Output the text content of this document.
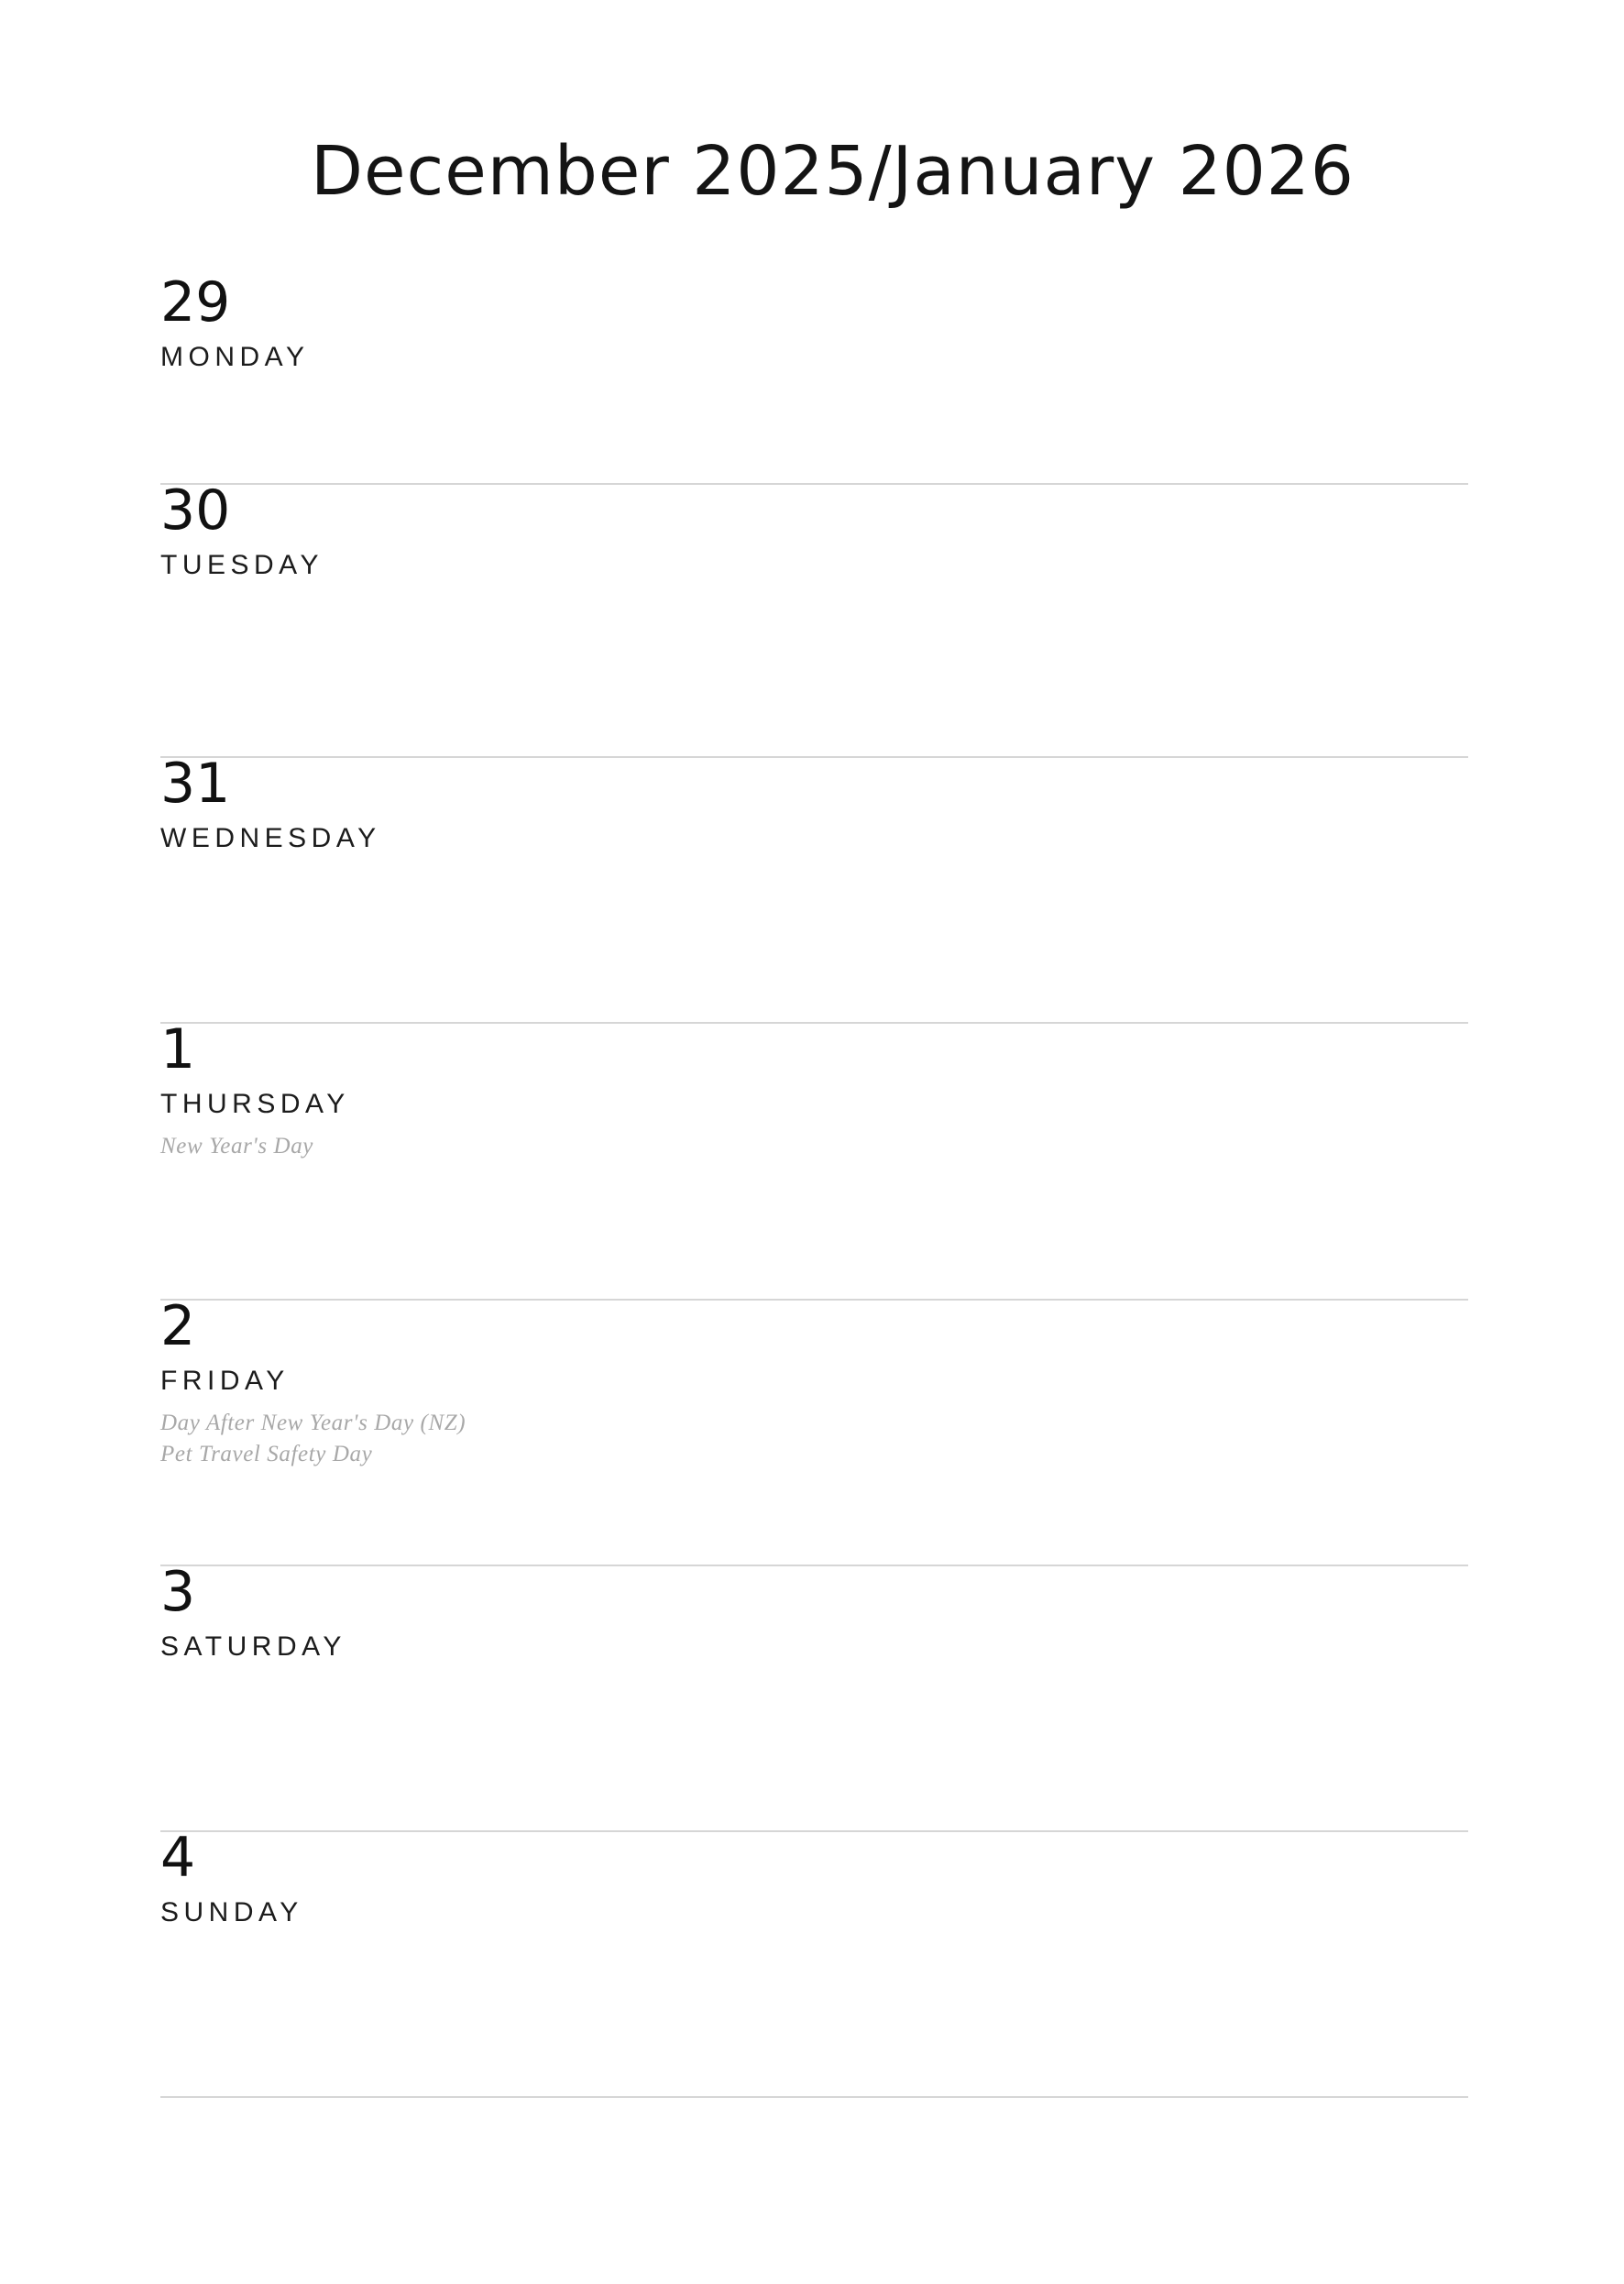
December 2025/January 2026
29
MONDAY
30
TUESDAY
31
WEDNESDAY
1
THURSDAY
New Year's Day
2
FRIDAY
Day After New Year's Day (NZ)
Pet Travel Safety Day
3
SATURDAY
4
SUNDAY
